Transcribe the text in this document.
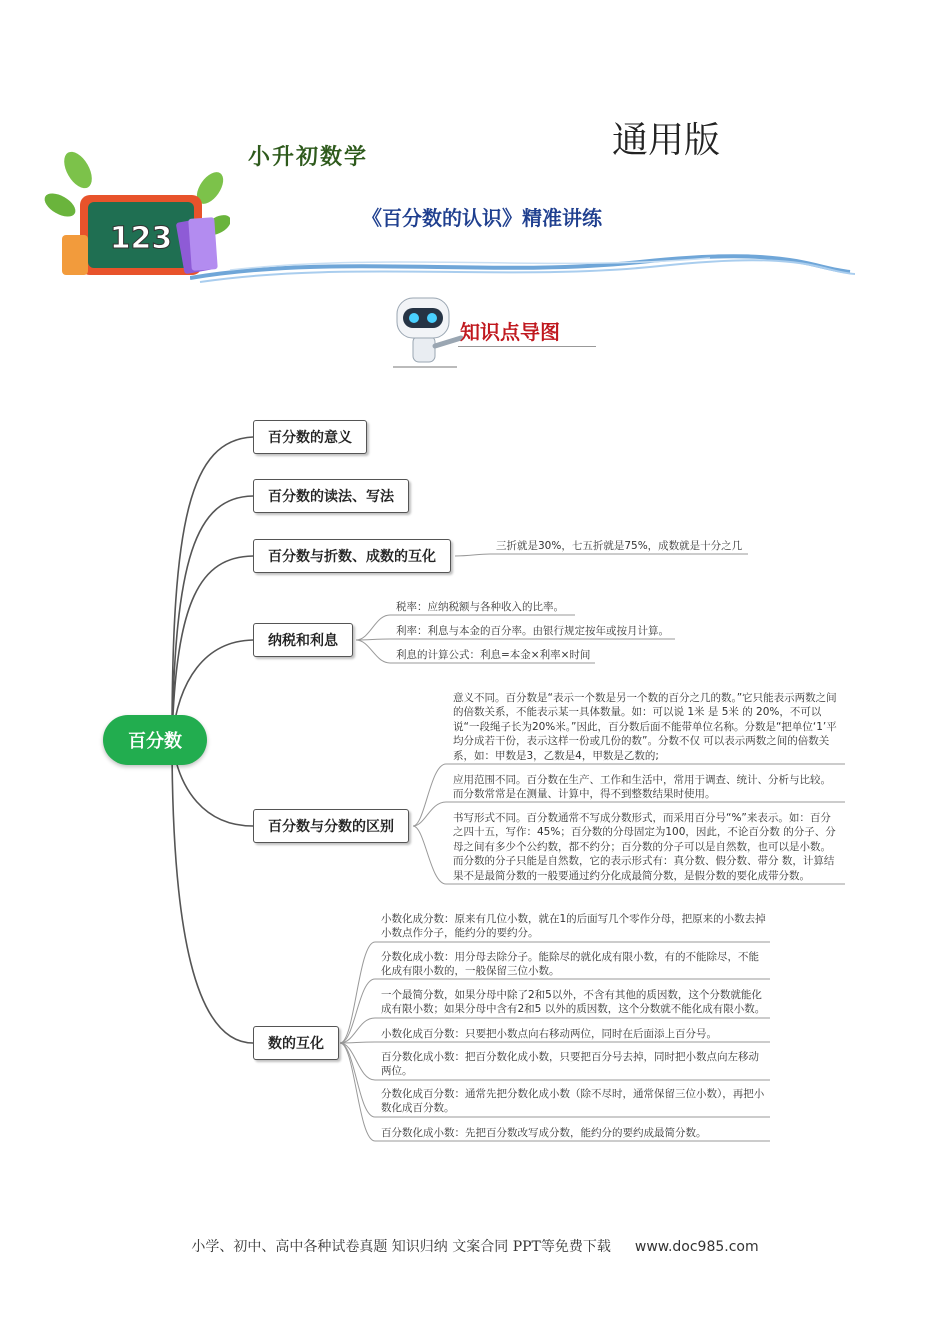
123
通用版
小升初数学
《百分数的认识》精准讲练
知识点导图
百分数
百分数的意义
百分数的读法、写法
百分数与折数、成数的互化
纳税和利息
百分数与分数的区别
数的互化
三折就是30%，七五折就是75%，成数就是十分之几
税率：应纳税额与各种收入的比率。
利率：利息与本金的百分率。由银行规定按年或按月计算。
利息的计算公式：利息=本金×利率×时间
意义不同。百分数是“表示一个数是另一个数的百分之几的数。”它只能表示两数之间的倍数关系，不能表示某一具体数量。如：可以说 1米 是 5米 的 20%，不可以说“一段绳子长为20%米。”因此，百分数后面不能带单位名称。分数是“把单位‘1’平均分成若干份，表示这样一份或几份的数”。分数不仅 可以表示两数之间的倍数关系，如：甲数是3，乙数是4，甲数是乙数的;
应用范围不同。百分数在生产、工作和生活中，常用于调查、统计、分析与比较。而分数常常是在测量、计算中，得不到整数结果时使用。
书写形式不同。百分数通常不写成分数形式，而采用百分号“%”来表示。如：百分之四十五，写作：45%；百分数的分母固定为100，因此，不论百分数 的分子、分母之间有多少个公约数，都不约分；百分数的分子可以是自然数，也可以是小数。而分数的分子只能是自然数，它的表示形式有：真分数、假分数、带分 数，计算结果不是最简分数的一般要通过约分化成最简分数，是假分数的要化成带分数。
小数化成分数：原来有几位小数，就在1的后面写几个零作分母，把原来的小数去掉小数点作分子，能约分的要约分。
分数化成小数：用分母去除分子。能除尽的就化成有限小数，有的不能除尽，不能化成有限小数的，一般保留三位小数。
一个最简分数，如果分母中除了2和5以外，不含有其他的质因数，这个分数就能化成有限小数；如果分母中含有2和5 以外的质因数，这个分数就不能化成有限小数。
小数化成百分数：只要把小数点向右移动两位，同时在后面添上百分号。
百分数化成小数：把百分数化成小数，只要把百分号去掉，同时把小数点向左移动两位。
分数化成百分数：通常先把分数化成小数（除不尽时，通常保留三位小数），再把小数化成百分数。
百分数化成小数：先把百分数改写成分数，能约分的要约成最简分数。
小学、初中、高中各种试卷真题 知识归纳 文案合同 PPT等免费下载 www.doc985.com
